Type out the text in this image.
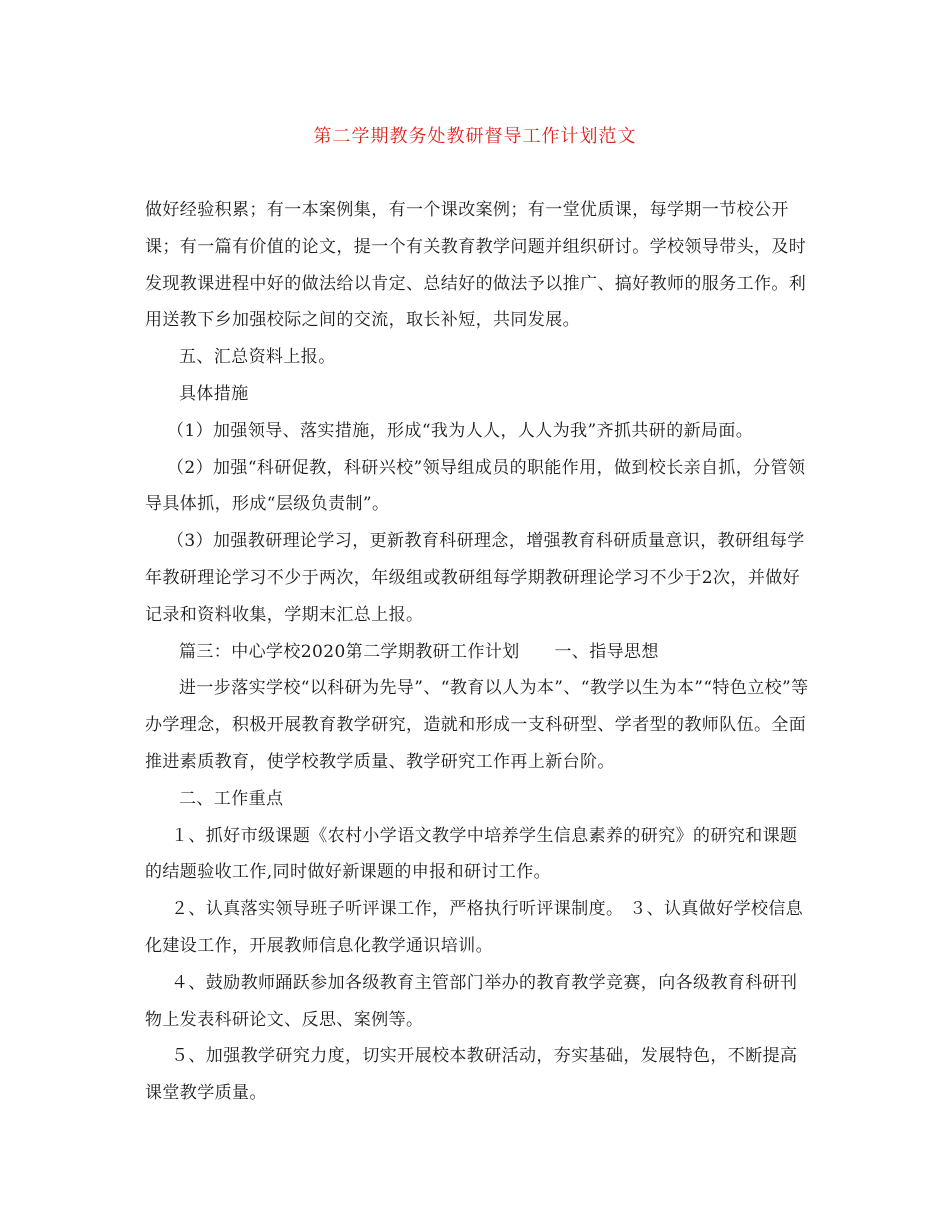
第二学期教务处教研督导工作计划范文

做好经验积累；有一本案例集，有一个课改案例；有一堂优质课，每学期一节校公开课；有一篇有价值的论文，提一个有关教育教学问题并组织研讨。学校领导带头，及时发现教课进程中好的做法给以肯定、总结好的做法予以推广、搞好教师的服务工作。利用送教下乡加强校际之间的交流，取长补短，共同发展。

五、汇总资料上报。

具体措施

（1）加强领导、落实措施，形成“我为人人，人人为我”齐抓共研的新局面。

（2）加强“科研促教，科研兴校”领导组成员的职能作用，做到校长亲自抓，分管领导具体抓，形成“层级负责制”。

（3）加强教研理论学习，更新教育科研理念，增强教育科研质量意识，教研组每学年教研理论学习不少于两次，年级组或教研组每学期教研理论学习不少于2次，并做好记录和资料收集，学期末汇总上报。

篇三：中心学校2020第二学期教研工作计划　　一、指导思想

进一步落实学校“以科研为先导”、“教育以人为本”、“教学以生为本”“特色立校”等办学理念，积极开展教育教学研究，造就和形成一支科研型、学者型的教师队伍。全面推进素质教育，使学校教学质量、教学研究工作再上新台阶。

二、工作重点

１、抓好市级课题《农村小学语文教学中培养学生信息素养的研究》的研究和课题的结题验收工作,同时做好新课题的申报和研讨工作。

２、认真落实领导班子听评课工作，严格执行听评课制度。 ３、认真做好学校信息化建设工作，开展教师信息化教学通识培训。

４、鼓励教师踊跃参加各级教育主管部门举办的教育教学竞赛，向各级教育科研刊物上发表科研论文、反思、案例等。

５、加强教学研究力度，切实开展校本教研活动，夯实基础，发展特色，不断提高课堂教学质量。
